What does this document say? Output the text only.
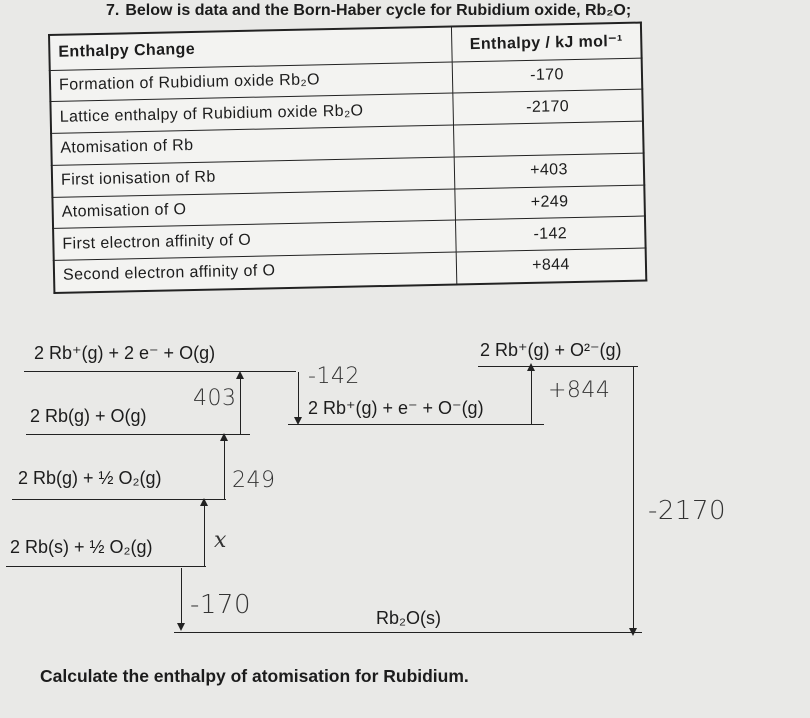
7. Below is data and the Born-Haber cycle for Rubidium oxide, Rb₂O;
Enthalpy Change	Enthalpy / kJ mol⁻¹
Formation of Rubidium oxide Rb₂O	-170
Lattice enthalpy of Rubidium oxide Rb₂O	-2170
Atomisation of Rb	
First ionisation of Rb	+403
Atomisation of O	+249
First electron affinity of O	-142
Second electron affinity of O	+844
2 Rb⁺(g) + 2 e⁻ + O(g)	2 Rb⁺(g) + O²⁻(g)
2 Rb⁺(g) + e⁻ + O⁻(g)
2 Rb(g) + O(g)
2 Rb(g) + ½ O₂(g)
2 Rb(s) + ½ O₂(g)
Rb₂O(s)
403
-142
+844
249
x
-170
-2170
Calculate the enthalpy of atomisation for Rubidium.
